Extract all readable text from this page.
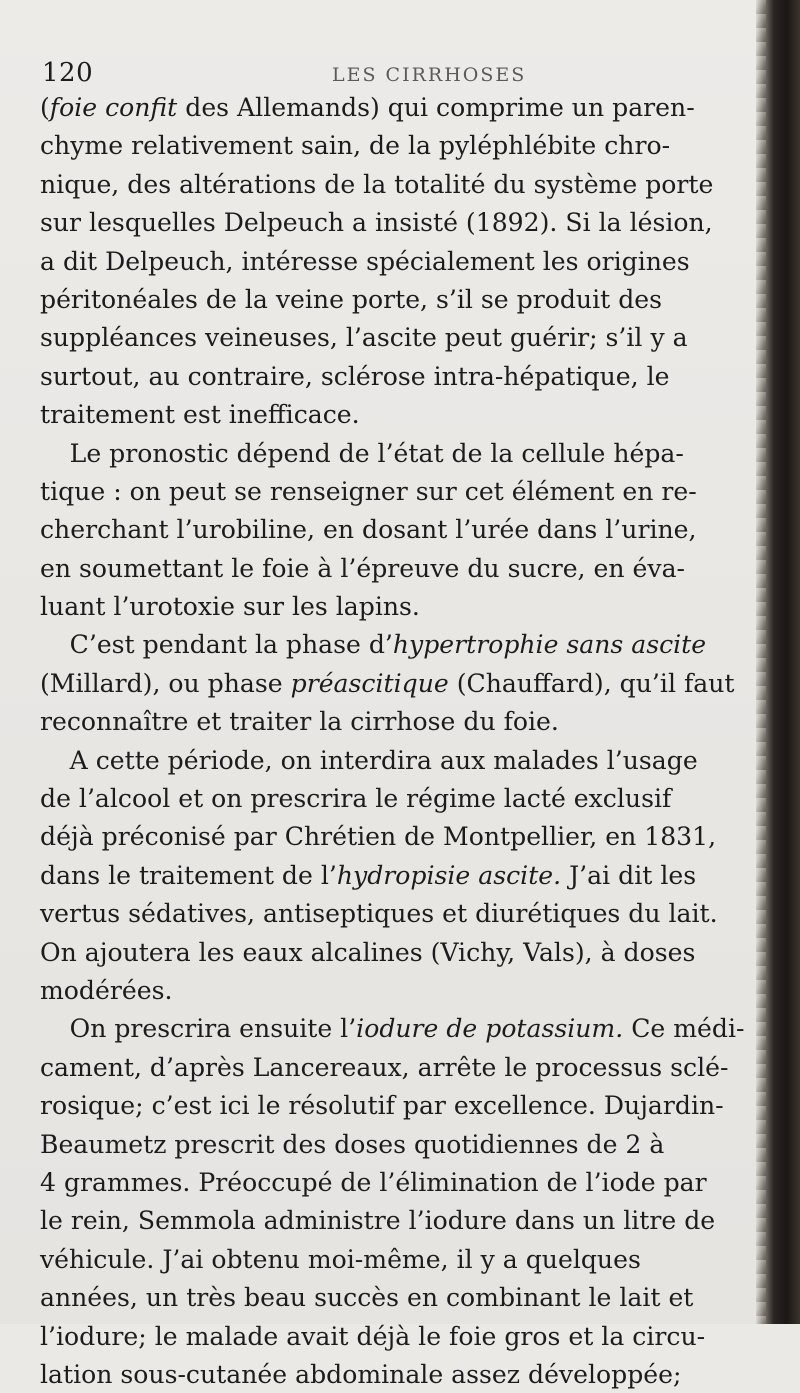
120	LES CIRRHOSES
(foie confit des Allemands) qui comprime un paren-
chyme relativement sain, de la pyléphlébite chro-
nique, des altérations de la totalité du système porte
sur lesquelles Delpeuch a insisté (1892). Si la lésion,
a dit Delpeuch, intéresse spécialement les origines
péritonéales de la veine porte, s’il se produit des
suppléances veineuses, l’ascite peut guérir; s’il y a
surtout, au contraire, sclérose intra-hépatique, le
traitement est inefficace.
Le pronostic dépend de l’état de la cellule hépa-
tique : on peut se renseigner sur cet élément en re-
cherchant l’urobiline, en dosant l’urée dans l’urine,
en soumettant le foie à l’épreuve du sucre, en éva-
luant l’urotoxie sur les lapins.
C’est pendant la phase d’hypertrophie sans ascite
(Millard), ou phase préascitique (Chauffard), qu’il faut
reconnaître et traiter la cirrhose du foie.
A cette période, on interdira aux malades l’usage
de l’alcool et on prescrira le régime lacté exclusif
déjà préconisé par Chrétien de Montpellier, en 1831,
dans le traitement de l’hydropisie ascite. J’ai dit les
vertus sédatives, antiseptiques et diurétiques du lait.
On ajoutera les eaux alcalines (Vichy, Vals), à doses
modérées.
On prescrira ensuite l’iodure de potassium. Ce médi-
cament, d’après Lancereaux, arrête le processus sclé-
rosique; c’est ici le résolutif par excellence. Dujardin-
Beaumetz prescrit des doses quotidiennes de 2 à
4 grammes. Préoccupé de l’élimination de l’iode par
le rein, Semmola administre l’iodure dans un litre de
véhicule. J’ai obtenu moi-même, il y a quelques
années, un très beau succès en combinant le lait et
l’iodure; le malade avait déjà le foie gros et la circu-
lation sous-cutanée abdominale assez développée;
